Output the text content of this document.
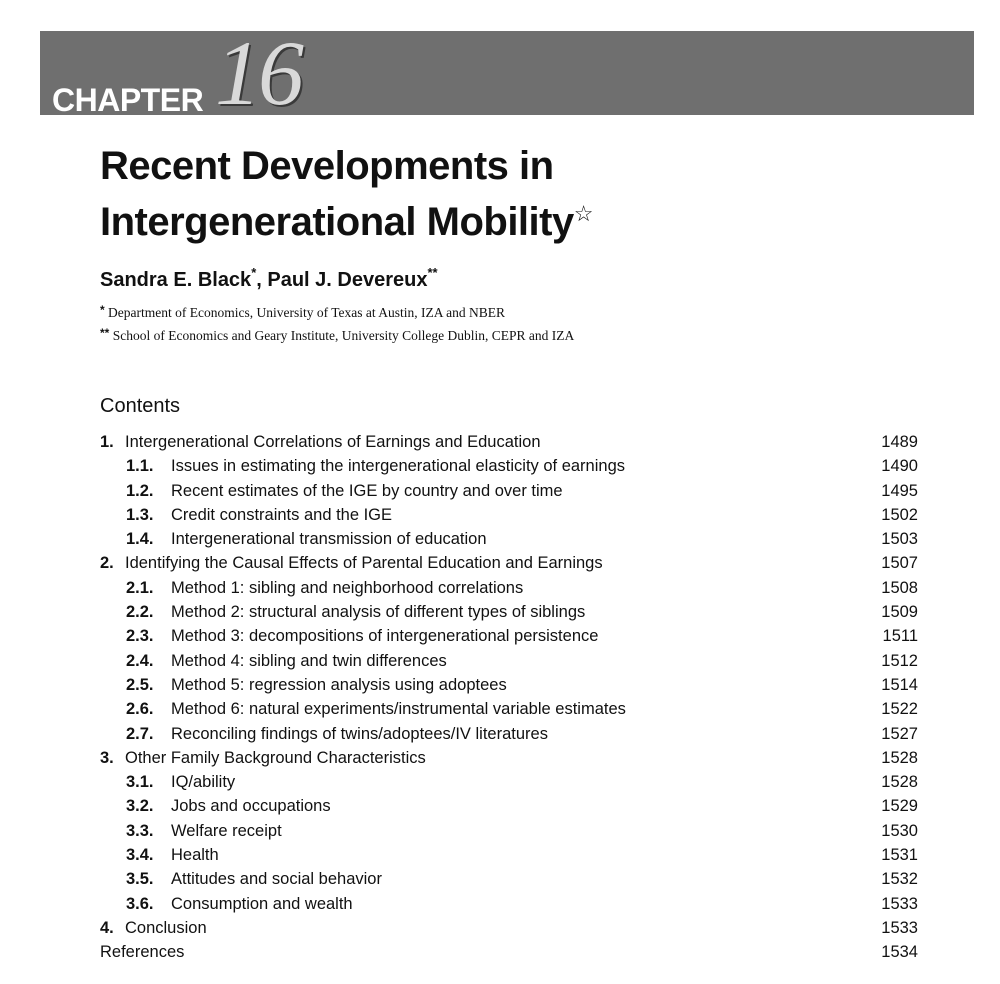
CHAPTER 16
Recent Developments in
Intergenerational Mobility☆
Sandra E. Black*, Paul J. Devereux**
* Department of Economics, University of Texas at Austin, IZA and NBER
** School of Economics and Geary Institute, University College Dublin, CEPR and IZA
Contents
1. Intergenerational Correlations of Earnings and Education	1489
1.1. Issues in estimating the intergenerational elasticity of earnings	1490
1.2. Recent estimates of the IGE by country and over time	1495
1.3. Credit constraints and the IGE	1502
1.4. Intergenerational transmission of education	1503
2. Identifying the Causal Effects of Parental Education and Earnings	1507
2.1. Method 1: sibling and neighborhood correlations	1508
2.2. Method 2: structural analysis of different types of siblings	1509
2.3. Method 3: decompositions of intergenerational persistence	1511
2.4. Method 4: sibling and twin differences	1512
2.5. Method 5: regression analysis using adoptees	1514
2.6. Method 6: natural experiments/instrumental variable estimates	1522
2.7. Reconciling findings of twins/adoptees/IV literatures	1527
3. Other Family Background Characteristics	1528
3.1. IQ/ability	1528
3.2. Jobs and occupations	1529
3.3. Welfare receipt	1530
3.4. Health	1531
3.5. Attitudes and social behavior	1532
3.6. Consumption and wealth	1533
4. Conclusion	1533
References	1534
